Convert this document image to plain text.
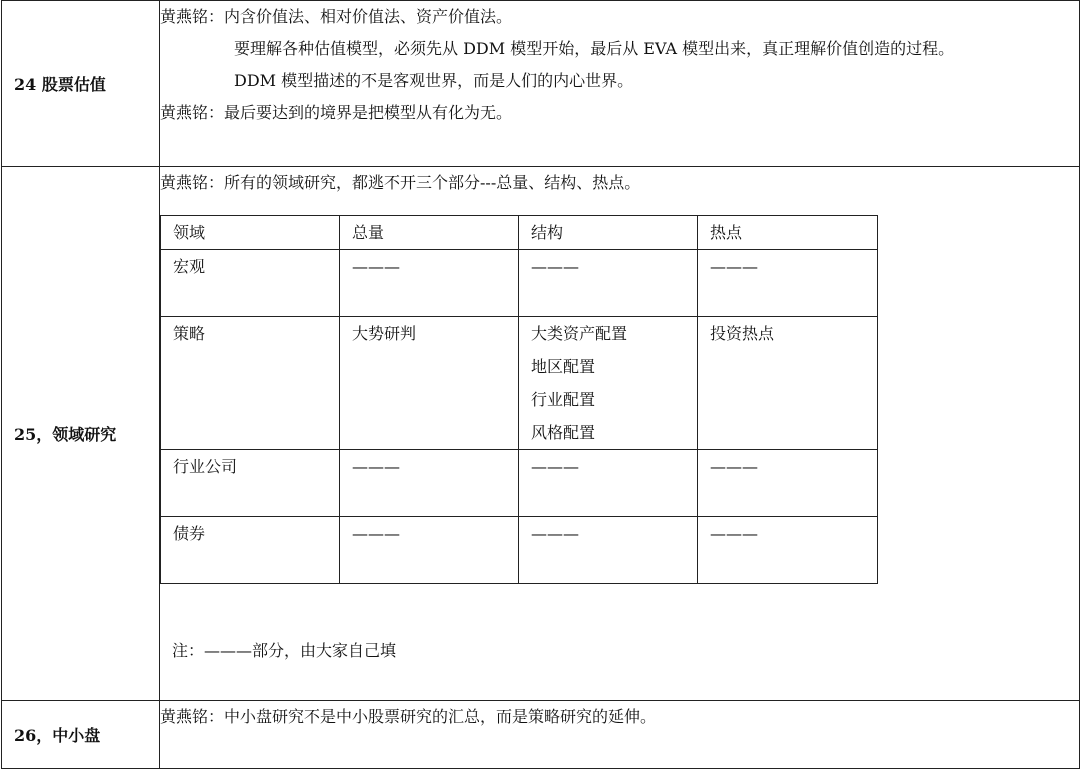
24 股票估值	
黄燕铭：内含价值法、相对价值法、资产价值法。
要理解各种估值模型，必须先从 DDM 模型开始，最后从 EVA 模型出来，真正理解价值创造的过程。
DDM 模型描述的不是客观世界，而是人们的内心世界。
黄燕铭：最后要达到的境界是把模型从有化为无。

25，领域研究	
黄燕铭：所有的领域研究，都逃不开三个部分---总量、结构、热点。
领域	总量	结构	热点
宏观	———	———	———
策略	大势研判	大类资产配置
地区配置
行业配置
风格配置
	投资热点
行业公司	———	———	———
债券	———	———	———
注：———部分，由大家自己填

26，中小盘	
黄燕铭：中小盘研究不是中小股票研究的汇总，而是策略研究的延伸。
